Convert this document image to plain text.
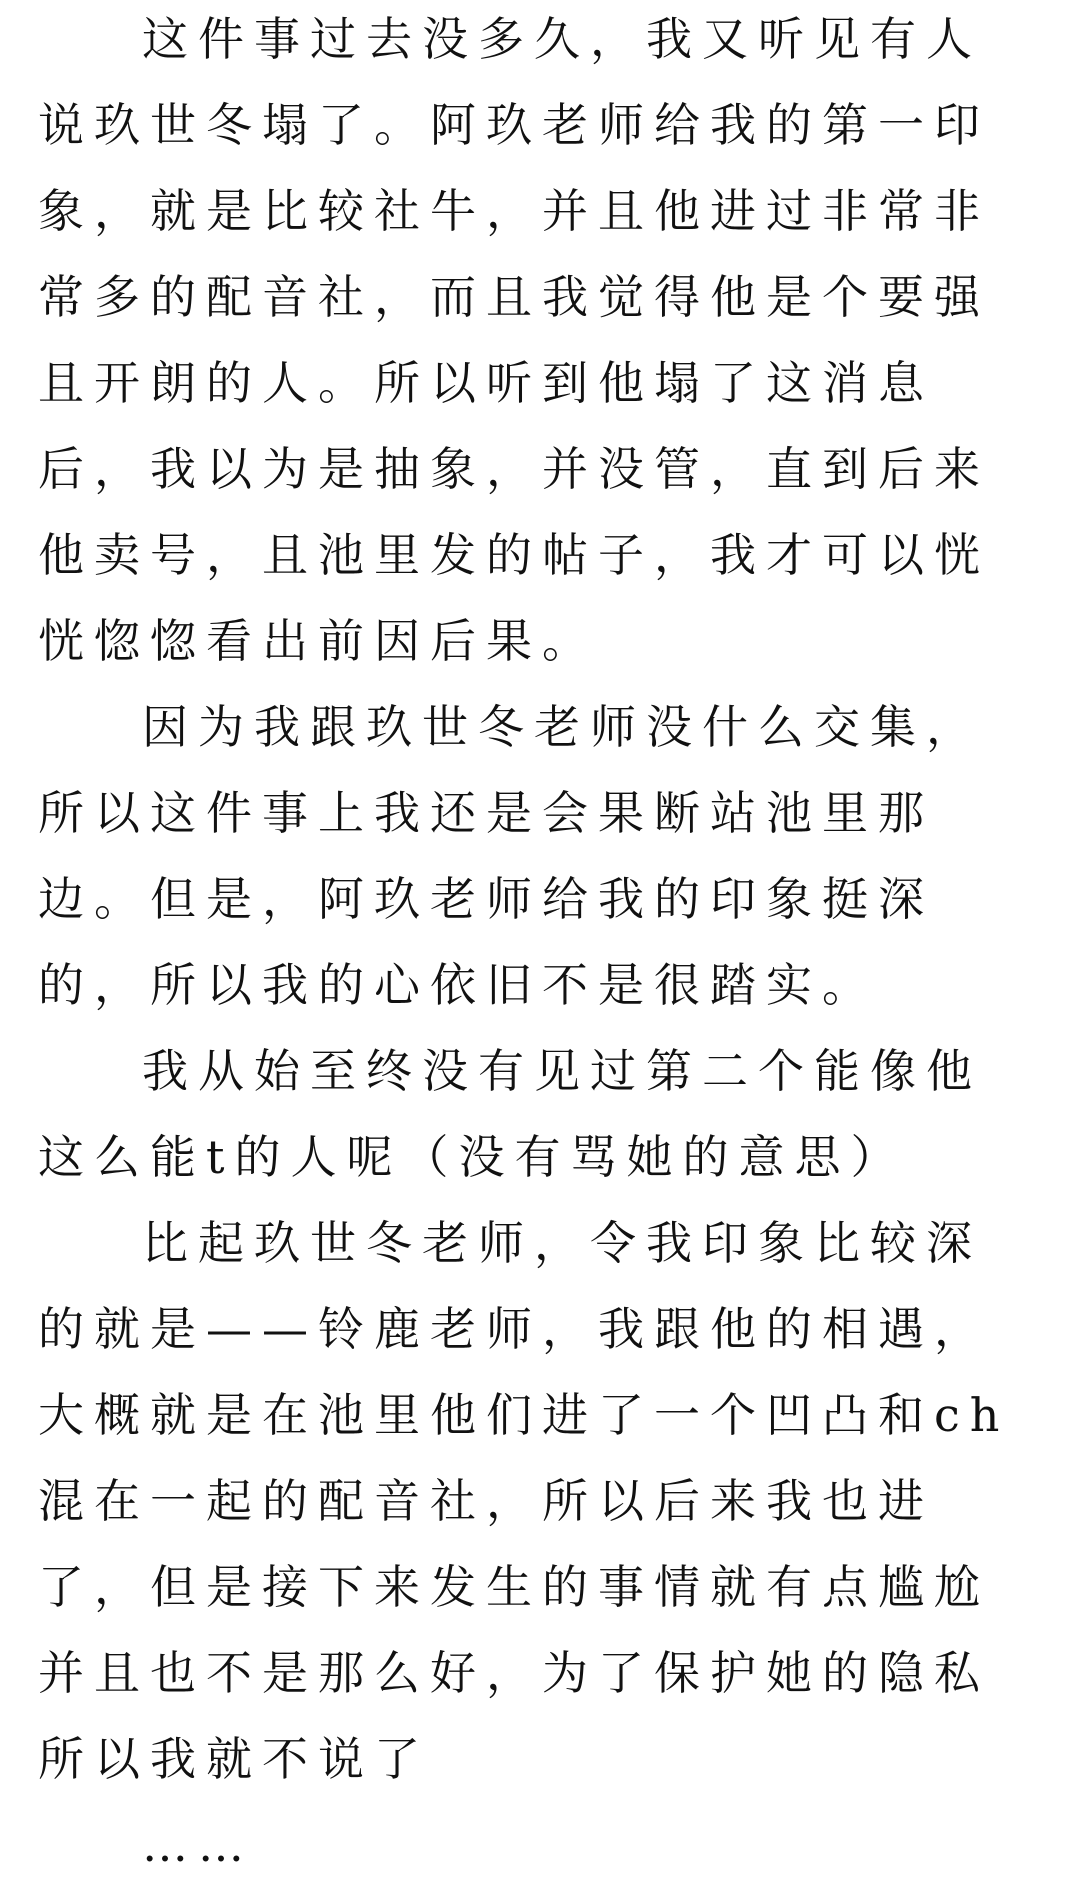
这件事过去没多久，我又听见有人说玖世冬塌了。阿玖老师给我的第一印象，就是比较社牛，并且他进过非常非常多的配音社，而且我觉得他是个要强且开朗的人。所以听到他塌了这消息后，我以为是抽象，并没管，直到后来他卖号，且池里发的帖子，我才可以恍恍惚惚看出前因后果。

因为我跟玖世冬老师没什么交集，所以这件事上我还是会果断站池里那边。但是，阿玖老师给我的印象挺深的，所以我的心依旧不是很踏实。

我从始至终没有见过第二个能像他这么能t的人呢（没有骂她的意思）

比起玖世冬老师，令我印象比较深的就是——铃鹿老师，我跟他的相遇，大概就是在池里他们进了一个凹凸和ch混在一起的配音社，所以后来我也进了，但是接下来发生的事情就有点尴尬并且也不是那么好，为了保护她的隐私所以我就不说了

……
